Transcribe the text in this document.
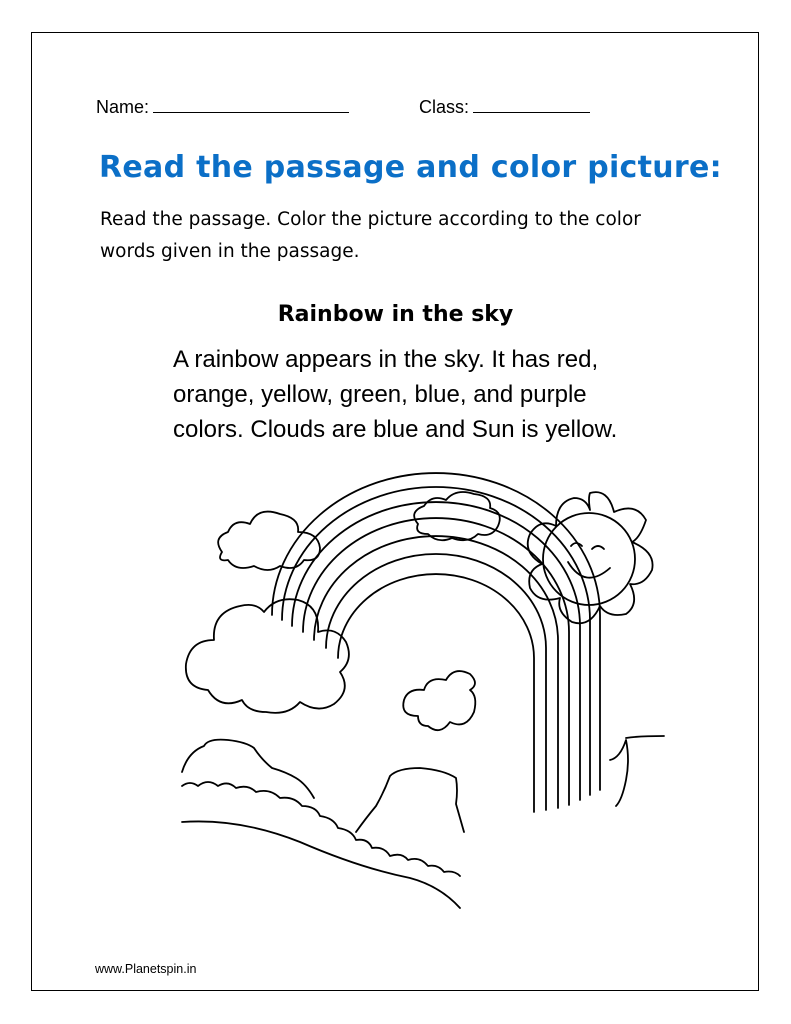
Name:	Class:
Read the passage and color picture:
Read the passage. Color the picture according to the color words given in the passage.
Rainbow in the sky
A rainbow appears in the sky. It has red,
orange, yellow, green, blue, and purple
colors. Clouds are blue and Sun is yellow.
www.Planetspin.in
